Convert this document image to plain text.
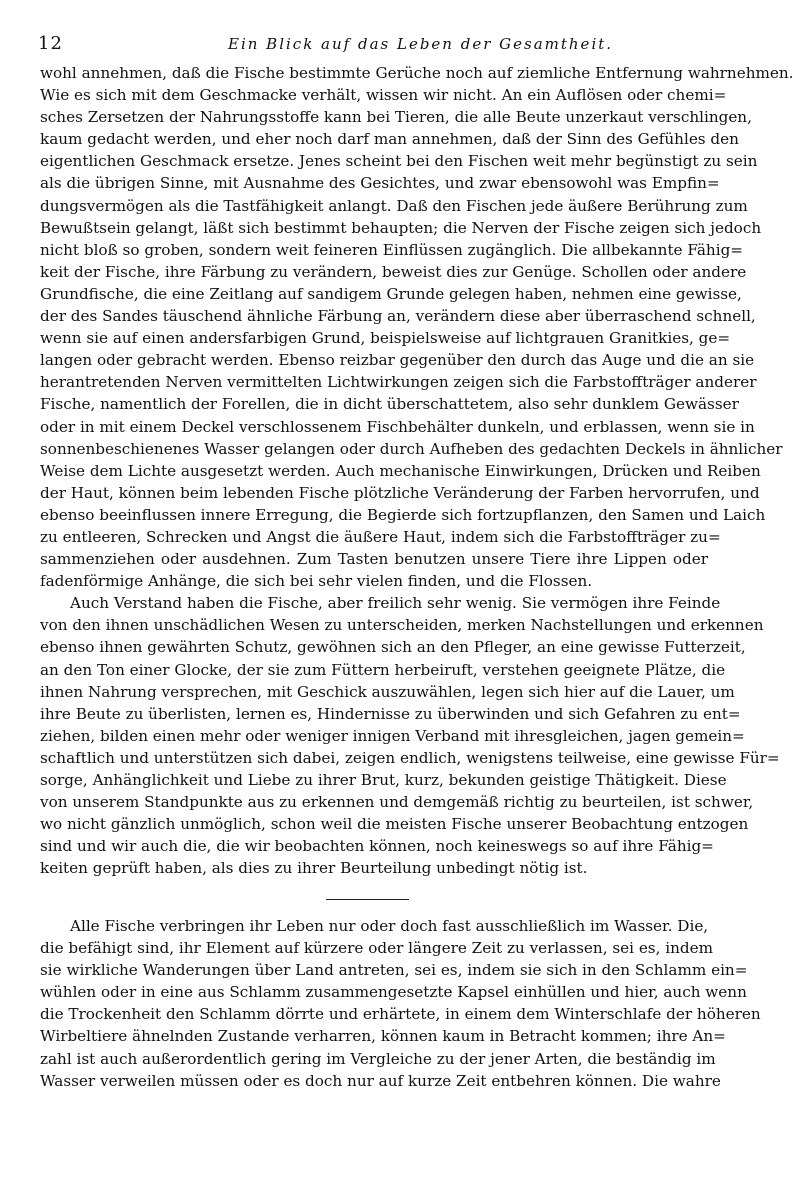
12	Ein Blick auf das Leben der Gesamtheit.
wohl annehmen, daß die Fische bestimmte Gerüche noch auf ziemliche Entfernung wahrnehmen.
Wie es sich mit dem Geschmacke verhält, wissen wir nicht. An ein Auflösen oder chemi=
sches Zersetzen der Nahrungsstoffe kann bei Tieren, die alle Beute unzerkaut verschlingen,
kaum gedacht werden, und eher noch darf man annehmen, daß der Sinn des Gefühles den
eigentlichen Geschmack ersetze. Jenes scheint bei den Fischen weit mehr begünstigt zu sein
als die übrigen Sinne, mit Ausnahme des Gesichtes, und zwar ebensowohl was Empfin=
dungsvermögen als die Tastfähigkeit anlangt. Daß den Fischen jede äußere Berührung zum
Bewußtsein gelangt, läßt sich bestimmt behaupten; die Nerven der Fische zeigen sich jedoch
nicht bloß so groben, sondern weit feineren Einflüssen zugänglich. Die allbekannte Fähig=
keit der Fische, ihre Färbung zu verändern, beweist dies zur Genüge. Schollen oder andere
Grundfische, die eine Zeitlang auf sandigem Grunde gelegen haben, nehmen eine gewisse,
der des Sandes täuschend ähnliche Färbung an, verändern diese aber überraschend schnell,
wenn sie auf einen andersfarbigen Grund, beispielsweise auf lichtgrauen Granitkies, ge=
langen oder gebracht werden. Ebenso reizbar gegenüber den durch das Auge und die an sie
herantretenden Nerven vermittelten Lichtwirkungen zeigen sich die Farbstoffträger anderer
Fische, namentlich der Forellen, die in dicht überschattetem, also sehr dunklem Gewässer
oder in mit einem Deckel verschlossenem Fischbehälter dunkeln, und erblassen, wenn sie in
sonnenbeschienenes Wasser gelangen oder durch Aufheben des gedachten Deckels in ähnlicher
Weise dem Lichte ausgesetzt werden. Auch mechanische Einwirkungen, Drücken und Reiben
der Haut, können beim lebenden Fische plötzliche Veränderung der Farben hervorrufen, und
ebenso beeinflussen innere Erregung, die Begierde sich fortzupflanzen, den Samen und Laich
zu entleeren, Schrecken und Angst die äußere Haut, indem sich die Farbstoffträger zu=
sammenziehen oder ausdehnen. Zum Tasten benutzen unsere Tiere ihre Lippen oder
fadenförmige Anhänge, die sich bei sehr vielen finden, und die Flossen.
Auch Verstand haben die Fische, aber freilich sehr wenig. Sie vermögen ihre Feinde
von den ihnen unschädlichen Wesen zu unterscheiden, merken Nachstellungen und erkennen
ebenso ihnen gewährten Schutz, gewöhnen sich an den Pfleger, an eine gewisse Futterzeit,
an den Ton einer Glocke, der sie zum Füttern herbeiruft, verstehen geeignete Plätze, die
ihnen Nahrung versprechen, mit Geschick auszuwählen, legen sich hier auf die Lauer, um
ihre Beute zu überlisten, lernen es, Hindernisse zu überwinden und sich Gefahren zu ent=
ziehen, bilden einen mehr oder weniger innigen Verband mit ihresgleichen, jagen gemein=
schaftlich und unterstützen sich dabei, zeigen endlich, wenigstens teilweise, eine gewisse Für=
sorge, Anhänglichkeit und Liebe zu ihrer Brut, kurz, bekunden geistige Thätigkeit. Diese
von unserem Standpunkte aus zu erkennen und demgemäß richtig zu beurteilen, ist schwer,
wo nicht gänzlich unmöglich, schon weil die meisten Fische unserer Beobachtung entzogen
sind und wir auch die, die wir beobachten können, noch keineswegs so auf ihre Fähig=
keiten geprüft haben, als dies zu ihrer Beurteilung unbedingt nötig ist.
Alle Fische verbringen ihr Leben nur oder doch fast ausschließlich im Wasser. Die,
die befähigt sind, ihr Element auf kürzere oder längere Zeit zu verlassen, sei es, indem
sie wirkliche Wanderungen über Land antreten, sei es, indem sie sich in den Schlamm ein=
wühlen oder in eine aus Schlamm zusammengesetzte Kapsel einhüllen und hier, auch wenn
die Trockenheit den Schlamm dörrte und erhärtete, in einem dem Winterschlafe der höheren
Wirbeltiere ähnelnden Zustande verharren, können kaum in Betracht kommen; ihre An=
zahl ist auch außerordentlich gering im Vergleiche zu der jener Arten, die beständig im
Wasser verweilen müssen oder es doch nur auf kurze Zeit entbehren können. Die wahre
